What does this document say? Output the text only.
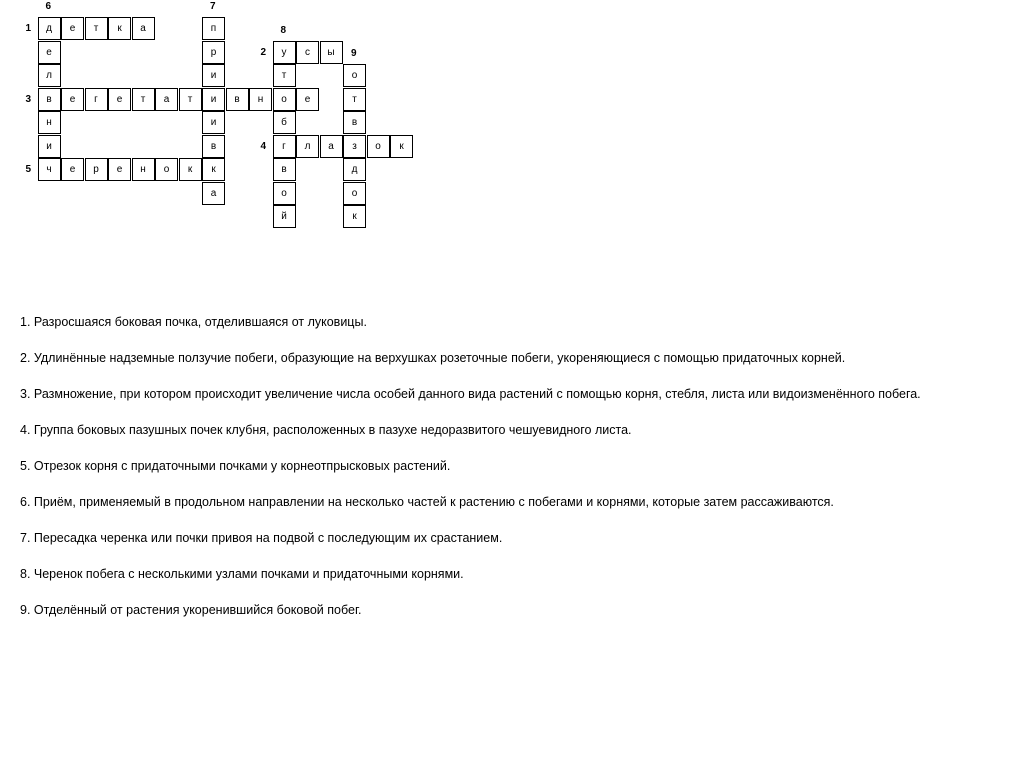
д	е	т	к	а
1
у	с	ы
2
в	е	г	е	т	а	т	и	в	н	о	е
3
г	л	а	з	о	к
4
ч	е	р	е	н	о	к
5
е
л
н
и
6
п
р
и
и
в
к
а
7
т
б
в
о
й
8
о
т
в
д
о
к
9

1. Разросшаяся боковая почка, отделившаяся от луковицы.

2. Удлинённые надземные ползучие побеги, образующие на верхушках розеточные побеги, укореняющиеся с помощью придаточных корней.

3. Размножение, при котором происходит увеличение числа особей данного вида растений с помощью корня, стебля, листа или видоизменённого побега.

4. Группа боковых пазушных почек клубня, расположенных в пазухе недоразвитого чешуевидного листа.

5. Отрезок корня с придаточными почками у корнеотпрысковых растений.

6. Приём, применяемый в продольном направлении на несколько частей к растению с побегами и корнями, которые затем рассаживаются.

7. Пересадка черенка или почки привоя на подвой с последующим их срастанием.

8. Черенок побега с несколькими узлами почками и придаточными корнями.

9. Отделённый от растения укоренившийся боковой побег.
